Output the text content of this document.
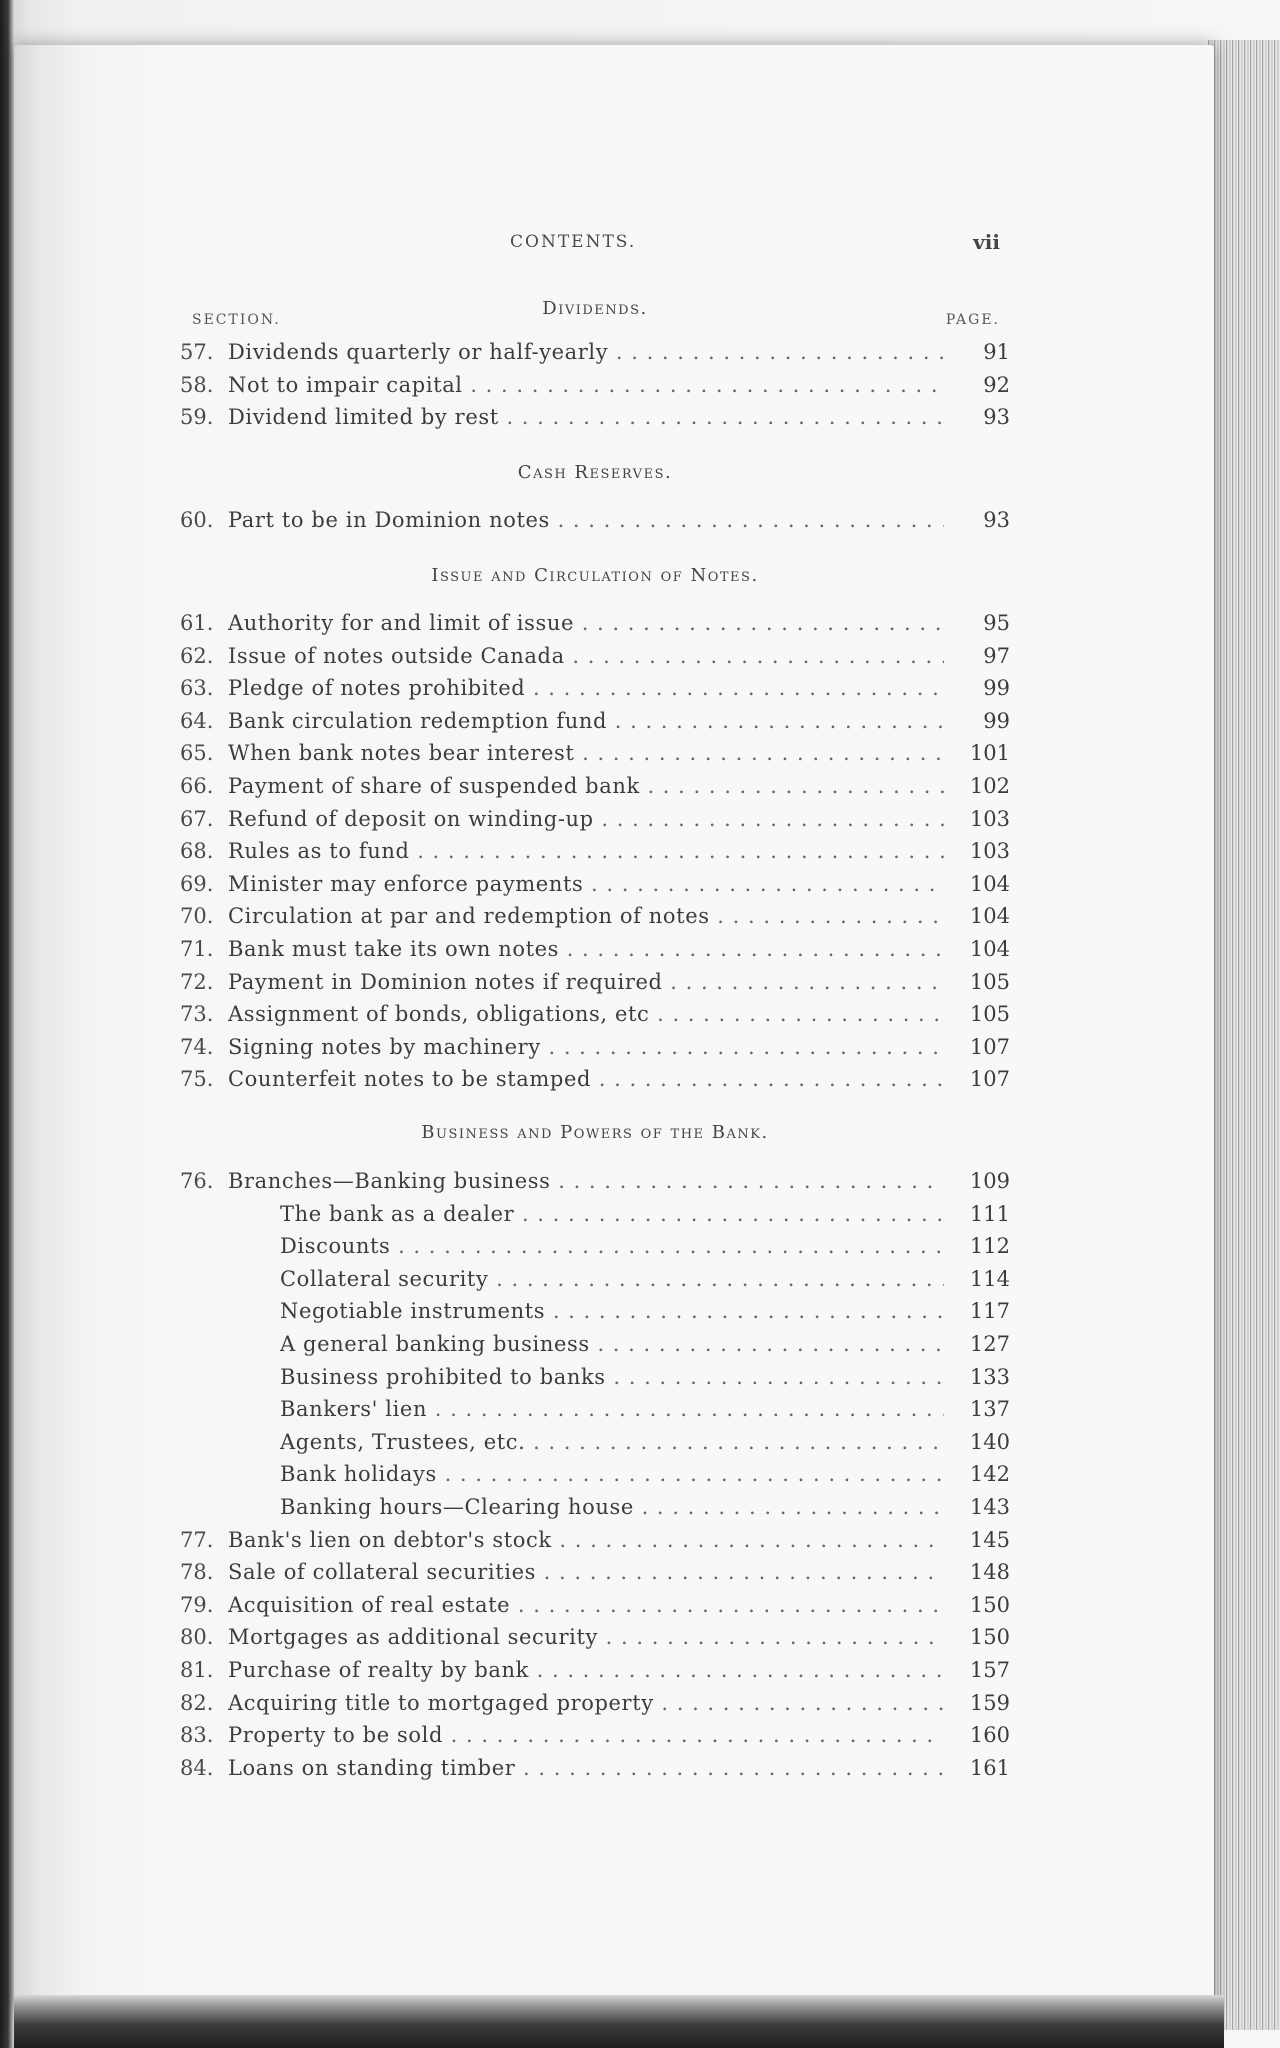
CONTENTS.	vii
SECTION.	PAGE.
Dividends.
57. Dividends quarterly or half-yearly . . .	91
58. Not to impair capital . . .	92
59. Dividend limited by rest . . .	93
Cash Reserves.
60. Part to be in Dominion notes . . .	93
Issue and Circulation of Notes.
61. Authority for and limit of issue . . .	95
62. Issue of notes outside Canada . . .	97
63. Pledge of notes prohibited . . .	99
64. Bank circulation redemption fund . . .	99
65. When bank notes bear interest . . .	101
66. Payment of share of suspended bank . . .	102
67. Refund of deposit on winding-up . . .	103
68. Rules as to fund . . .	103
69. Minister may enforce payments . . .	104
70. Circulation at par and redemption of notes . . .	104
71. Bank must take its own notes . . .	104
72. Payment in Dominion notes if required . . .	105
73. Assignment of bonds, obligations, etc . . .	105
74. Signing notes by machinery . . .	107
75. Counterfeit notes to be stamped . . .	107
Business and Powers of the Bank.
76. Branches—Banking business . . .	109
The bank as a dealer . . .	111
Discounts . . .	112
Collateral security . . .	114
Negotiable instruments . . .	117
A general banking business . . .	127
Business prohibited to banks . . .	133
Bankers' lien . . .	137
Agents, Trustees, etc. . . .	140
Bank holidays . . .	142
Banking hours—Clearing house . . .	143
77. Bank's lien on debtor's stock . . .	145
78. Sale of collateral securities . . .	148
79. Acquisition of real estate . . .	150
80. Mortgages as additional security . . .	150
81. Purchase of realty by bank . . .	157
82. Acquiring title to mortgaged property . . .	159
83. Property to be sold . . .	160
84. Loans on standing timber . . .	161
